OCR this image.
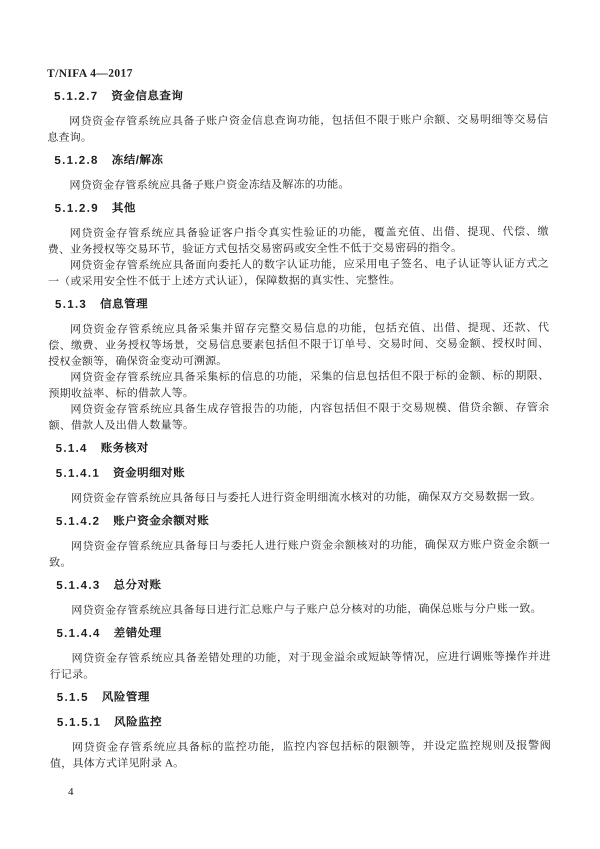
T/NIFA 4—2017
5.1.2.7 资金信息查询

网贷资金存管系统应具备子账户资金信息查询功能，包括但不限于账户余额、交易明细等交易信息查询。

5.1.2.8 冻结/解冻

网贷资金存管系统应具备子账户资金冻结及解冻的功能。

5.1.2.9 其他

网贷资金存管系统应具备验证客户指令真实性验证的功能，覆盖充值、出借、提现、代偿、缴费、业务授权等交易环节，验证方式包括交易密码或安全性不低于交易密码的指令。

网贷资金存管系统应具备面向委托人的数字认证功能，应采用电子签名、电子认证等认证方式之一（或采用安全性不低于上述方式认证），保障数据的真实性、完整性。

5.1.3 信息管理

网贷资金存管系统应具备采集并留存完整交易信息的功能，包括充值、出借、提现、还款、代偿、缴费、业务授权等场景，交易信息要素包括但不限于订单号、交易时间、交易金额、授权时间、授权金额等，确保资金变动可溯源。

网贷资金存管系统应具备采集标的信息的功能，采集的信息包括但不限于标的金额、标的期限、预期收益率、标的借款人等。

网贷资金存管系统应具备生成存管报告的功能，内容包括但不限于交易规模、借贷余额、存管余额、借款人及出借人数量等。

5.1.4 账务核对
5.1.4.1 资金明细对账

网贷资金存管系统应具备每日与委托人进行资金明细流水核对的功能，确保双方交易数据一致。

5.1.4.2 账户资金余额对账

网贷资金存管系统应具备每日与委托人进行账户资金余额核对的功能，确保双方账户资金余额一致。

5.1.4.3 总分对账

网贷资金存管系统应具备每日进行汇总账户与子账户总分核对的功能，确保总账与分户账一致。

5.1.4.4 差错处理

网贷资金存管系统应具备差错处理的功能，对于现金溢余或短缺等情况，应进行调账等操作并进行记录。

5.1.5 风险管理
5.1.5.1 风险监控

网贷资金存管系统应具备标的监控功能，监控内容包括标的限额等，并设定监控规则及报警阀值，具体方式详见附录 A。

4
